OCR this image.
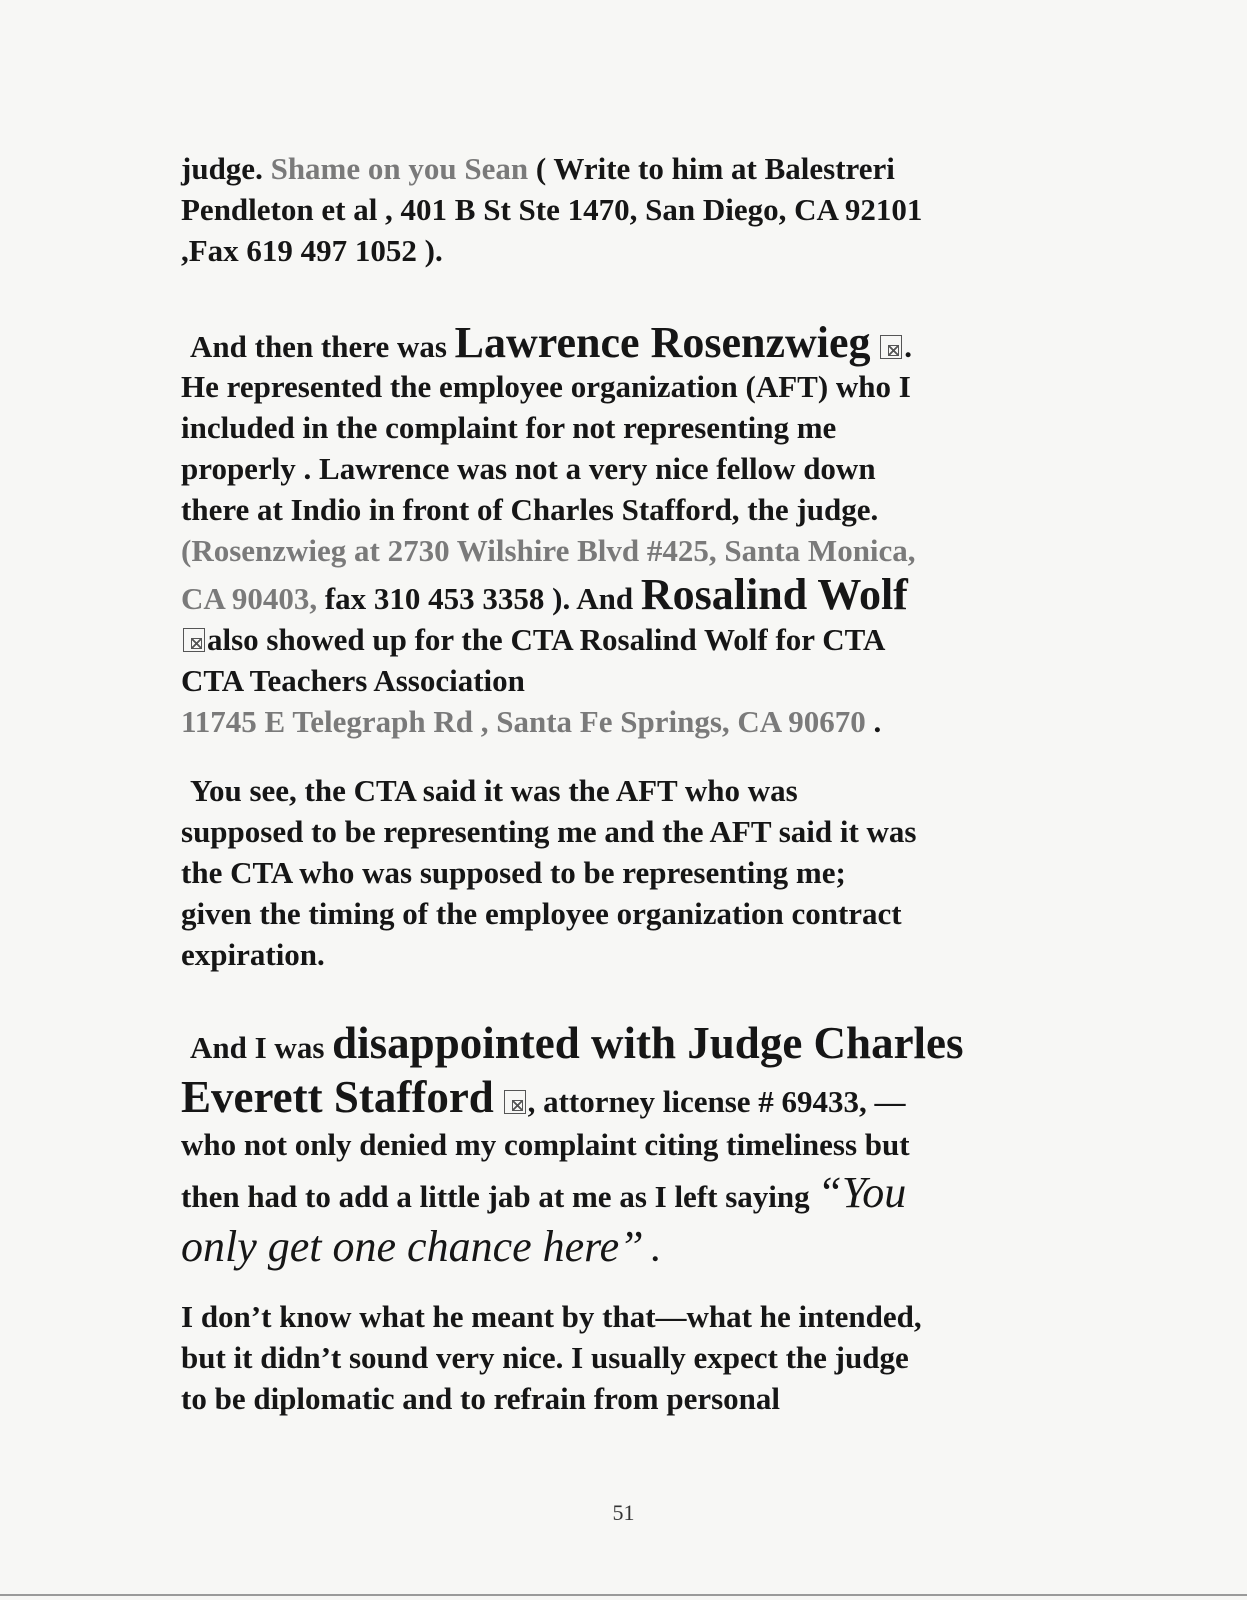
judge. Shame on you Sean ( Write to him at Balestreri
Pendleton et al , 401 B St Ste 1470, San Diego, CA 92101
,Fax 619 497 1052 ).
And then there was Lawrence Rosenzwieg .
He represented the employee organization (AFT) who I
included in the complaint for not representing me
properly . Lawrence was not a very nice fellow down
there at Indio in front of Charles Stafford, the judge.
(Rosenzwieg at 2730 Wilshire Blvd #425, Santa Monica,
CA 90403, fax 310 453 3358 ). And Rosalind Wolf
also showed up for the CTA Rosalind Wolf for CTA
CTA Teachers Association
11745 E Telegraph Rd , Santa Fe Springs, CA 90670 .
You see, the CTA said it was the AFT who was
supposed to be representing me and the AFT said it was
the CTA who was supposed to be representing me;
given the timing of the employee organization contract
expiration.
And I was disappointed with Judge Charles
Everett Stafford , attorney license # 69433, —
who not only denied my complaint citing timeliness but
then had to add a little jab at me as I left saying “You
only get one chance here” .
I don’t know what he meant by that—what he intended,
but it didn’t sound very nice. I usually expect the judge
to be diplomatic and to refrain from personal
51
